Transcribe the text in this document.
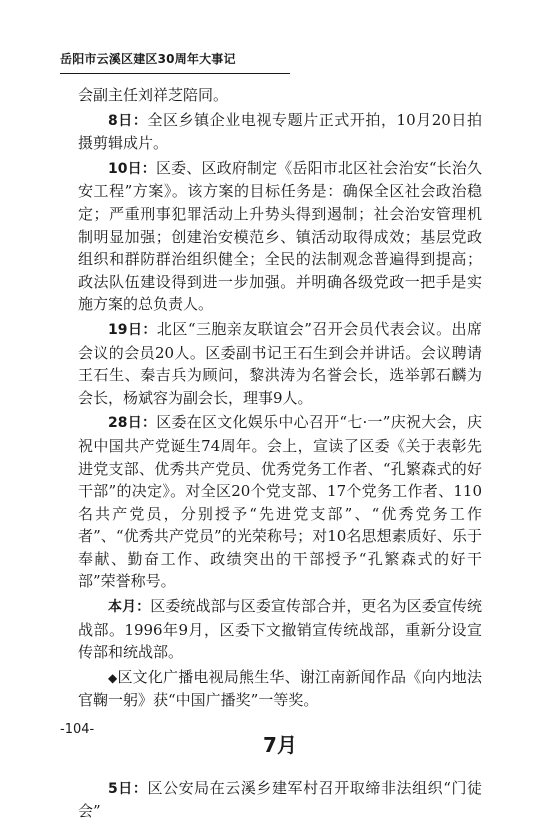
岳阳市云溪区建区30周年大事记

会副主任刘祥芝陪同。

8日：全区乡镇企业电视专题片正式开拍，10月20日拍摄剪辑成片。

10日：区委、区政府制定《岳阳市北区社会治安“长治久安工程”方案》。该方案的目标任务是：确保全区社会政治稳定；严重刑事犯罪活动上升势头得到遏制；社会治安管理机制明显加强；创建治安模范乡、镇活动取得成效；基层党政组织和群防群治组织健全；全民的法制观念普遍得到提高；政法队伍建设得到进一步加强。并明确各级党政一把手是实施方案的总负责人。

19日：北区“三胞亲友联谊会”召开会员代表会议。出席会议的会员20人。区委副书记王石生到会并讲话。会议聘请王石生、秦吉兵为顾问，黎洪涛为名誉会长，选举郭石麟为会长，杨斌容为副会长，理事9人。

28日：区委在区文化娱乐中心召开“七·一”庆祝大会，庆祝中国共产党诞生74周年。会上，宣读了区委《关于表彰先进党支部、优秀共产党员、优秀党务工作者、“孔繁森式的好干部”的决定》。对全区20个党支部、17个党务工作者、110名共产党员，分别授予“先进党支部”、“优秀党务工作者”、“优秀共产党员”的光荣称号；对10名思想素质好、乐于奉献、勤奋工作、政绩突出的干部授予“孔繁森式的好干部”荣誉称号。

本月：区委统战部与区委宣传部合并，更名为区委宣传统战部。1996年9月，区委下文撤销宣传统战部，重新分设宣传部和统战部。

◆区文化广播电视局熊生华、谢江南新闻作品《向内地法官鞠一躬》获“中国广播奖”一等奖。

7月

5日：区公安局在云溪乡建军村召开取缔非法组织“门徒会”

-104-
